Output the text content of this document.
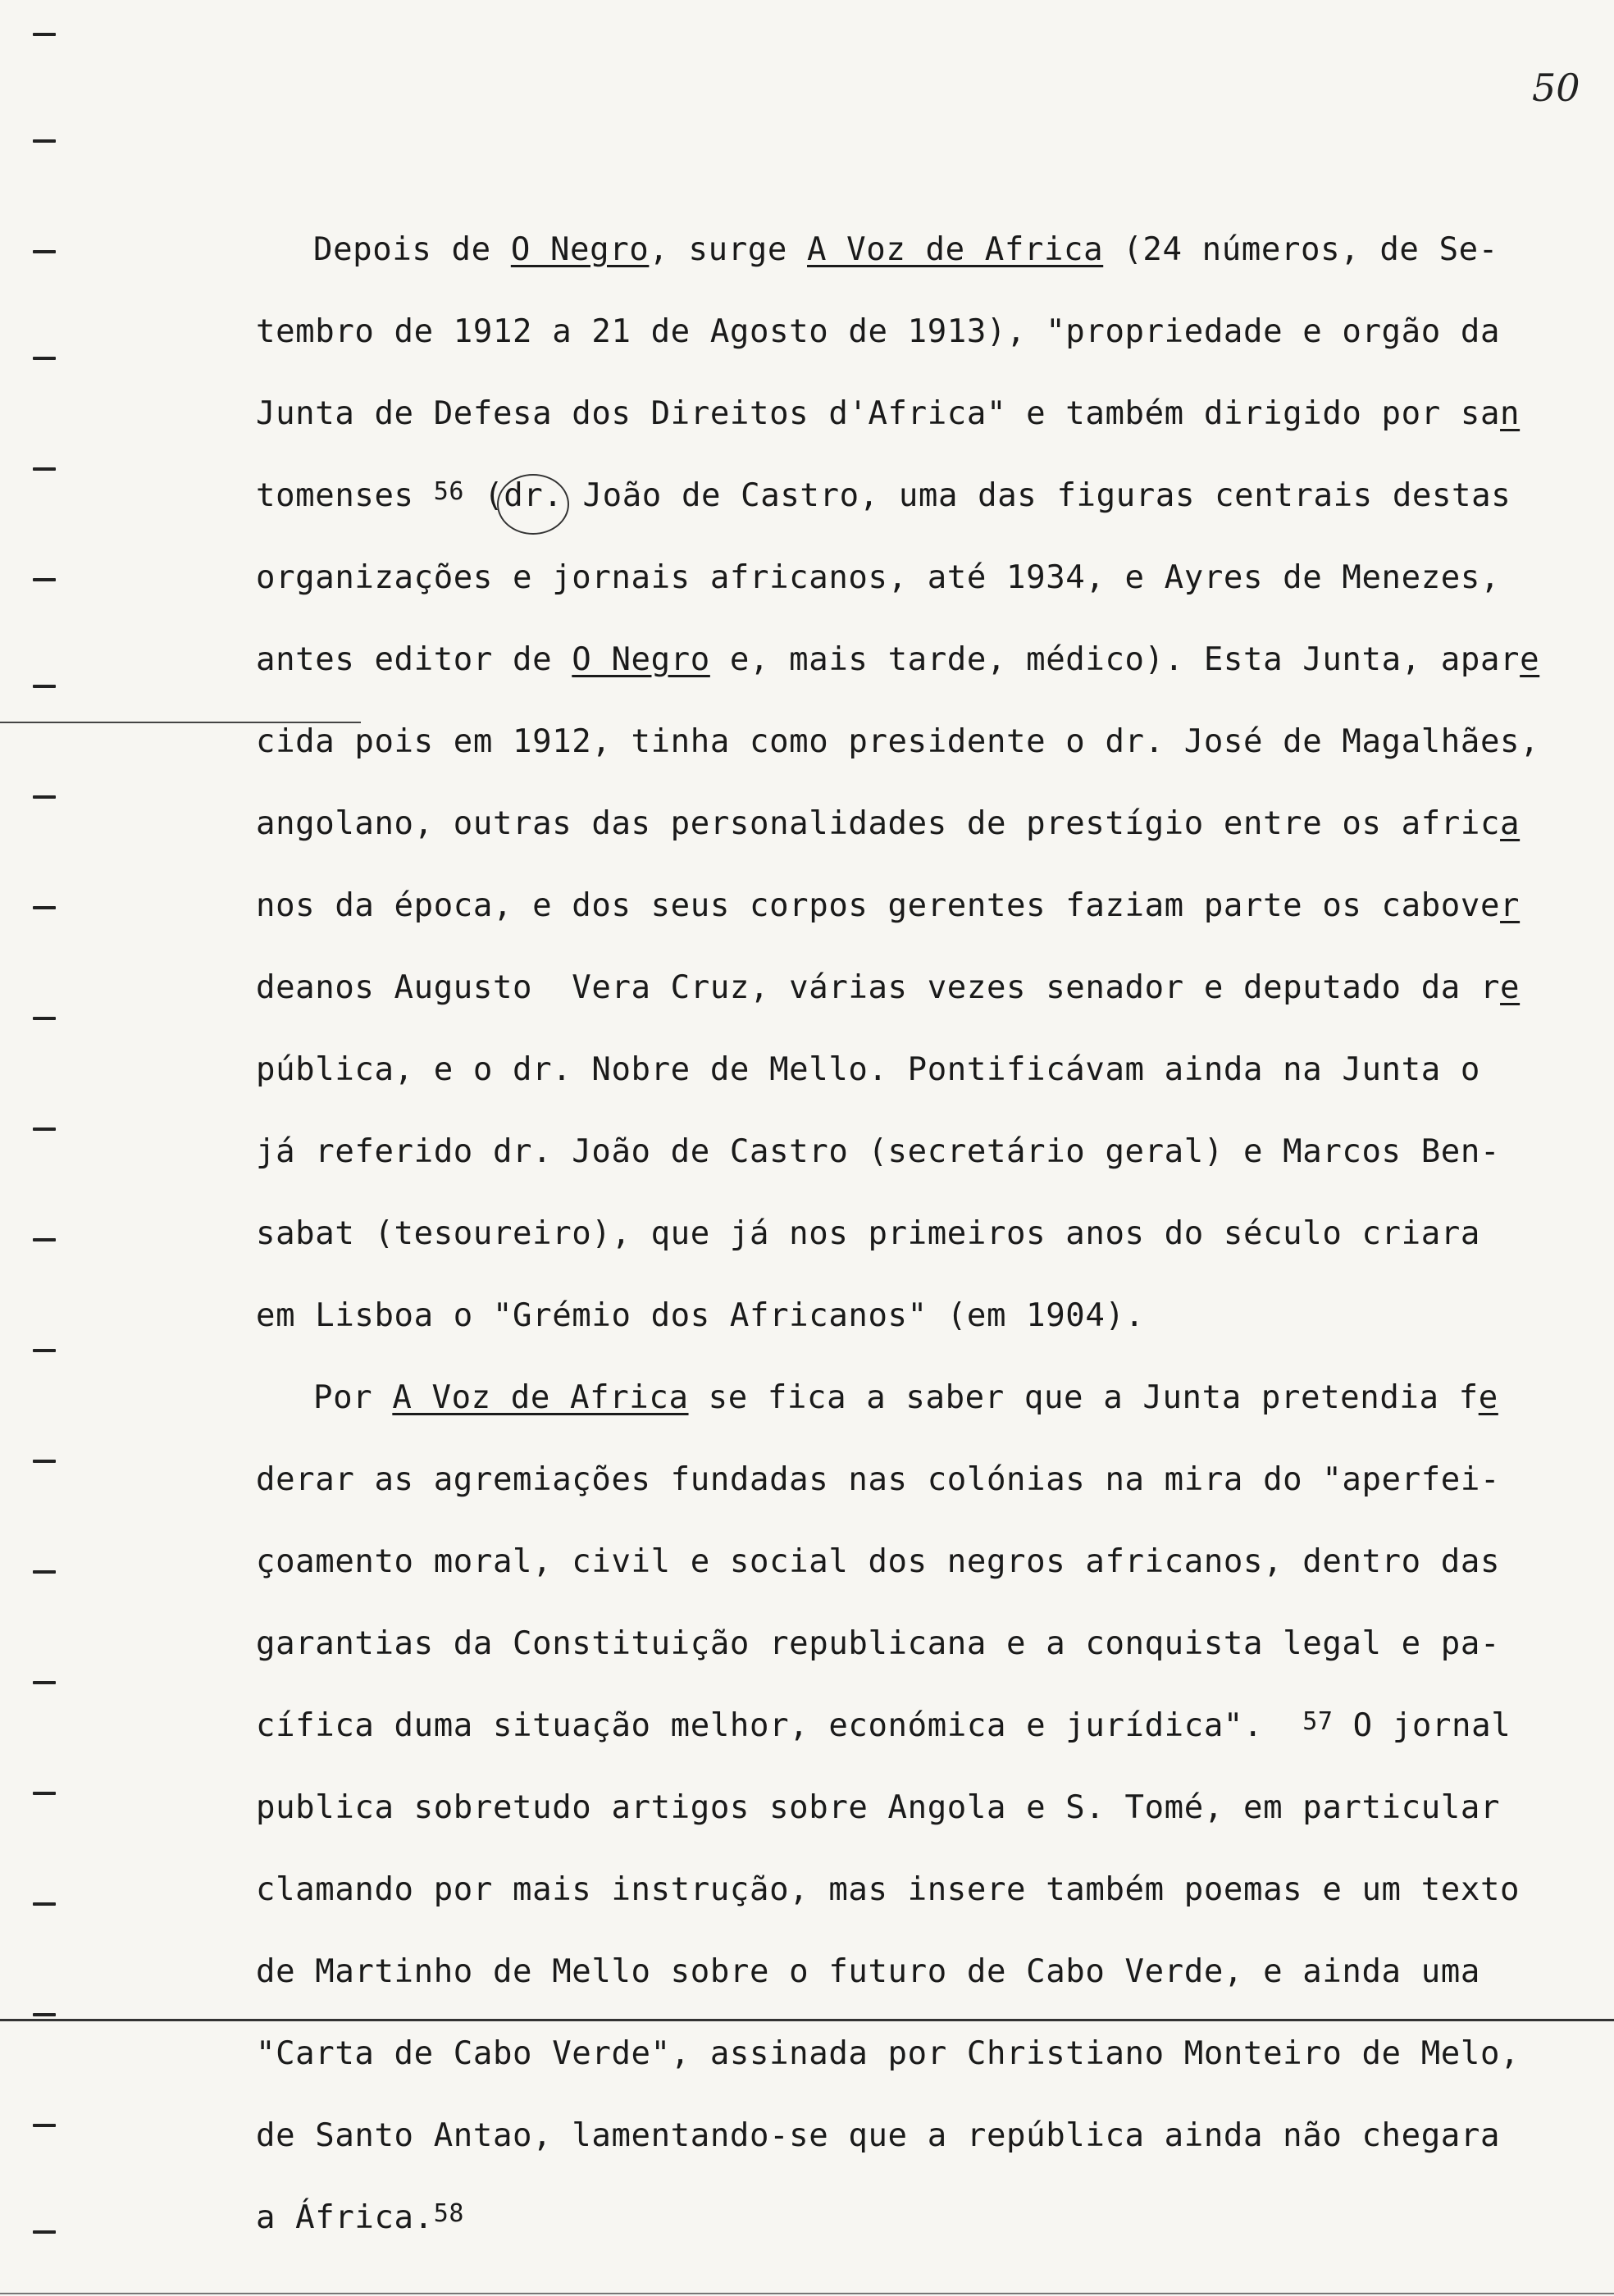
50
Depois de O Negro, surge A Voz de Africa (24 números, de Se-
tembro de 1912 a 21 de Agosto de 1913), "propriedade e orgão da
Junta de Defesa dos Direitos d'Africa" e também dirigido por san
tomenses $^{56}$ (dr. João de Castro, uma das figuras centrais destas
organizações e jornais africanos, até 1934, e Ayres de Menezes,
antes editor de O Negro e, mais tarde, médico). Esta Junta, apare
cida pois em 1912, tinha como presidente o dr. José de Magalhães,
angolano, outras das personalidades de prestígio entre os africa
nos da época, e dos seus corpos gerentes faziam parte os cabover
deanos Augusto  Vera Cruz, várias vezes senador e deputado da re
pública, e o dr. Nobre de Mello. Pontificávam ainda na Junta o
já referido dr. João de Castro (secretário geral) e Marcos Ben-
sabat (tesoureiro), que já nos primeiros anos do século criara
em Lisboa o "Grémio dos Africanos" (em 1904).
Por A Voz de Africa se fica a saber que a Junta pretendia fe
derar as agremiações fundadas nas colónias na mira do "aperfei-
çoamento moral, civil e social dos negros africanos, dentro das
garantias da Constituição republicana e a conquista legal e pa-
cífica duma situação melhor, económica e jurídica".  $^{57}$ O jornal
publica sobretudo artigos sobre Angola e S. Tomé, em particular
clamando por mais instrução, mas insere também poemas e um texto
de Martinho de Mello sobre o futuro de Cabo Verde, e ainda uma
"Carta de Cabo Verde", assinada por Christiano Monteiro de Melo,
de Santo Antao, lamentando-se que a república ainda não chegara
a África.$^{58}$
